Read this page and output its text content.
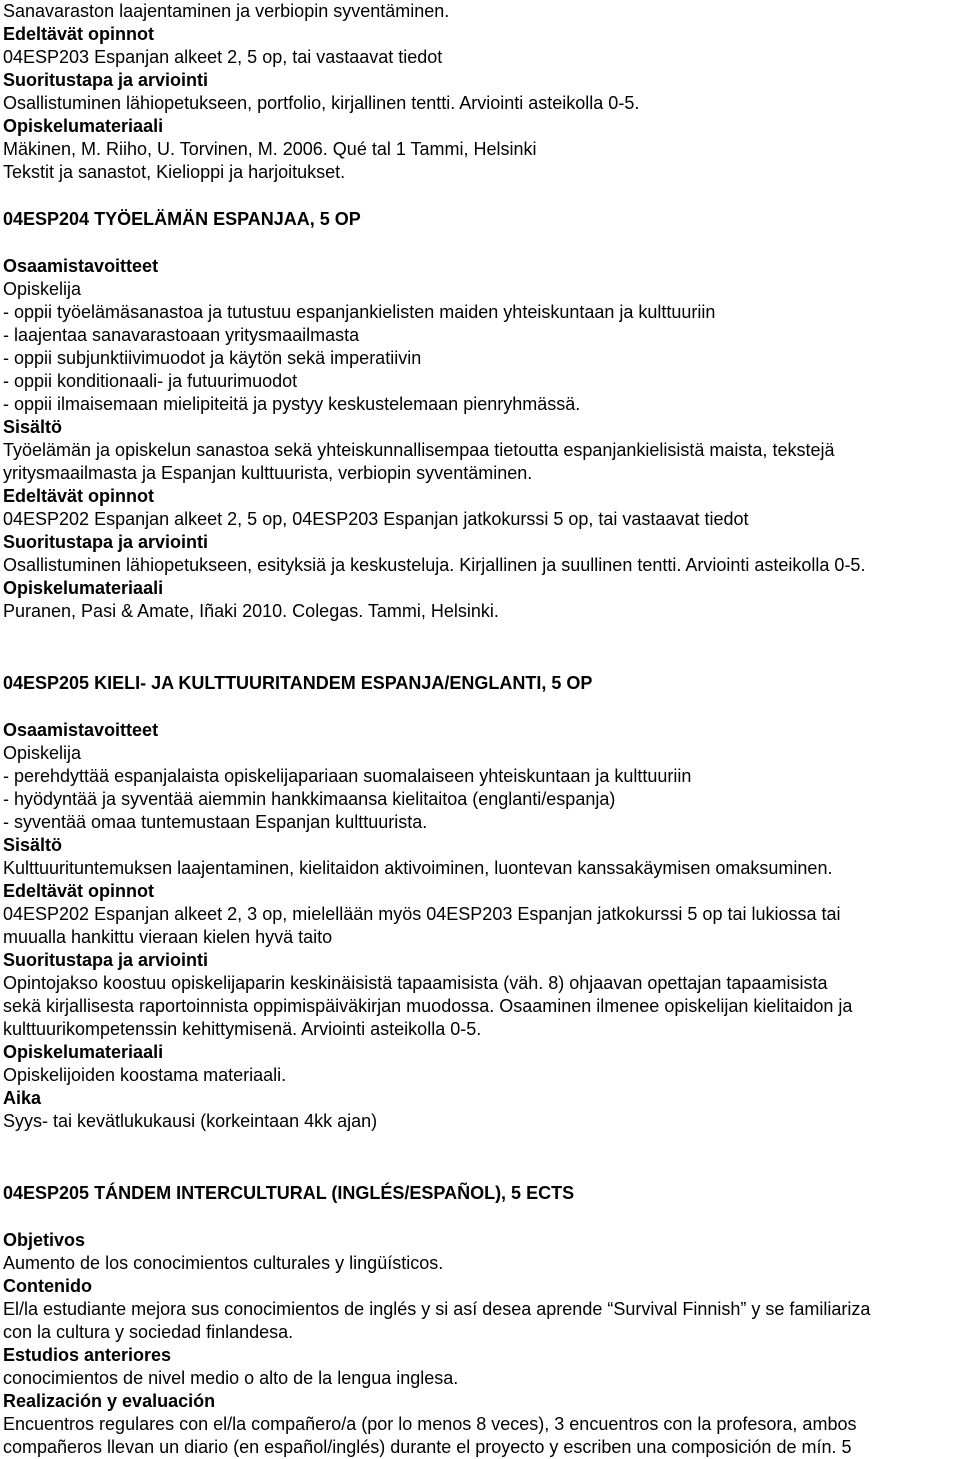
Sanavaraston laajentaminen ja verbiopin syventäminen.
Edeltävät opinnot
04ESP203 Espanjan alkeet 2, 5 op, tai vastaavat tiedot
Suoritustapa ja arviointi
Osallistuminen lähiopetukseen, portfolio, kirjallinen tentti. Arviointi asteikolla 0-5.
Opiskelumateriaali
Mäkinen, M. Riiho, U. Torvinen, M. 2006. Qué tal 1 Tammi, Helsinki
Tekstit ja sanastot, Kielioppi ja harjoitukset.
04ESP204 TYÖELÄMÄN ESPANJAA, 5 OP
Osaamistavoitteet
Opiskelija
- oppii työelämäsanastoa ja tutustuu espanjankielisten maiden yhteiskuntaan ja kulttuuriin
- laajentaa sanavarastoaan yritysmaailmasta
- oppii subjunktiivimuodot ja käytön sekä imperatiivin
- oppii konditionaali- ja futuurimuodot
- oppii ilmaisemaan mielipiteitä ja pystyy keskustelemaan pienryhmässä.
Sisältö
Työelämän ja opiskelun sanastoa sekä yhteiskunnallisempaa tietoutta espanjankielisistä maista, tekstejä
yritysmaailmasta ja Espanjan kulttuurista, verbiopin syventäminen.
Edeltävät opinnot
04ESP202 Espanjan alkeet 2, 5 op, 04ESP203 Espanjan jatkokurssi 5 op, tai vastaavat tiedot
Suoritustapa ja arviointi
Osallistuminen lähiopetukseen, esityksiä ja keskusteluja. Kirjallinen ja suullinen tentti. Arviointi asteikolla 0-5.
Opiskelumateriaali
Puranen, Pasi & Amate, Iñaki 2010. Colegas. Tammi, Helsinki.
04ESP205 KIELI- JA KULTTUURITANDEM ESPANJA/ENGLANTI, 5 OP
Osaamistavoitteet
Opiskelija
- perehdyttää espanjalaista opiskelijapariaan suomalaiseen yhteiskuntaan ja kulttuuriin
- hyödyntää ja syventää aiemmin hankkimaansa kielitaitoa (englanti/espanja)
- syventää omaa tuntemustaan Espanjan kulttuurista.
Sisältö
Kulttuurituntemuksen laajentaminen, kielitaidon aktivoiminen, luontevan kanssakäymisen omaksuminen.
Edeltävät opinnot
04ESP202 Espanjan alkeet 2, 3 op, mielellään myös 04ESP203 Espanjan jatkokurssi 5 op tai lukiossa tai
muualla hankittu vieraan kielen hyvä taito
Suoritustapa ja arviointi
Opintojakso koostuu opiskelijaparin keskinäisistä tapaamisista (väh. 8) ohjaavan opettajan tapaamisista
sekä kirjallisesta raportoinnista oppimispäiväkirjan muodossa. Osaaminen ilmenee opiskelijan kielitaidon ja
kulttuurikompetenssin kehittymisenä. Arviointi asteikolla 0-5.
Opiskelumateriaali
Opiskelijoiden koostama materiaali.
Aika
Syys- tai kevätlukukausi (korkeintaan 4kk ajan)
04ESP205 TÁNDEM INTERCULTURAL (INGLÉS/ESPAÑOL), 5 ECTS
Objetivos
Aumento de los conocimientos culturales y lingüísticos.
Contenido
El/la estudiante mejora sus conocimientos de inglés y si así desea aprende “Survival Finnish” y se familiariza
con la cultura y sociedad finlandesa.
Estudios anteriores
conocimientos de nivel medio o alto de la lengua inglesa.
Realización y evaluación
Encuentros regulares con el/la compañero/a (por lo menos 8 veces), 3 encuentros con la profesora, ambos
compañeros llevan un diario (en español/inglés) durante el proyecto y escriben una composición de mín. 5
